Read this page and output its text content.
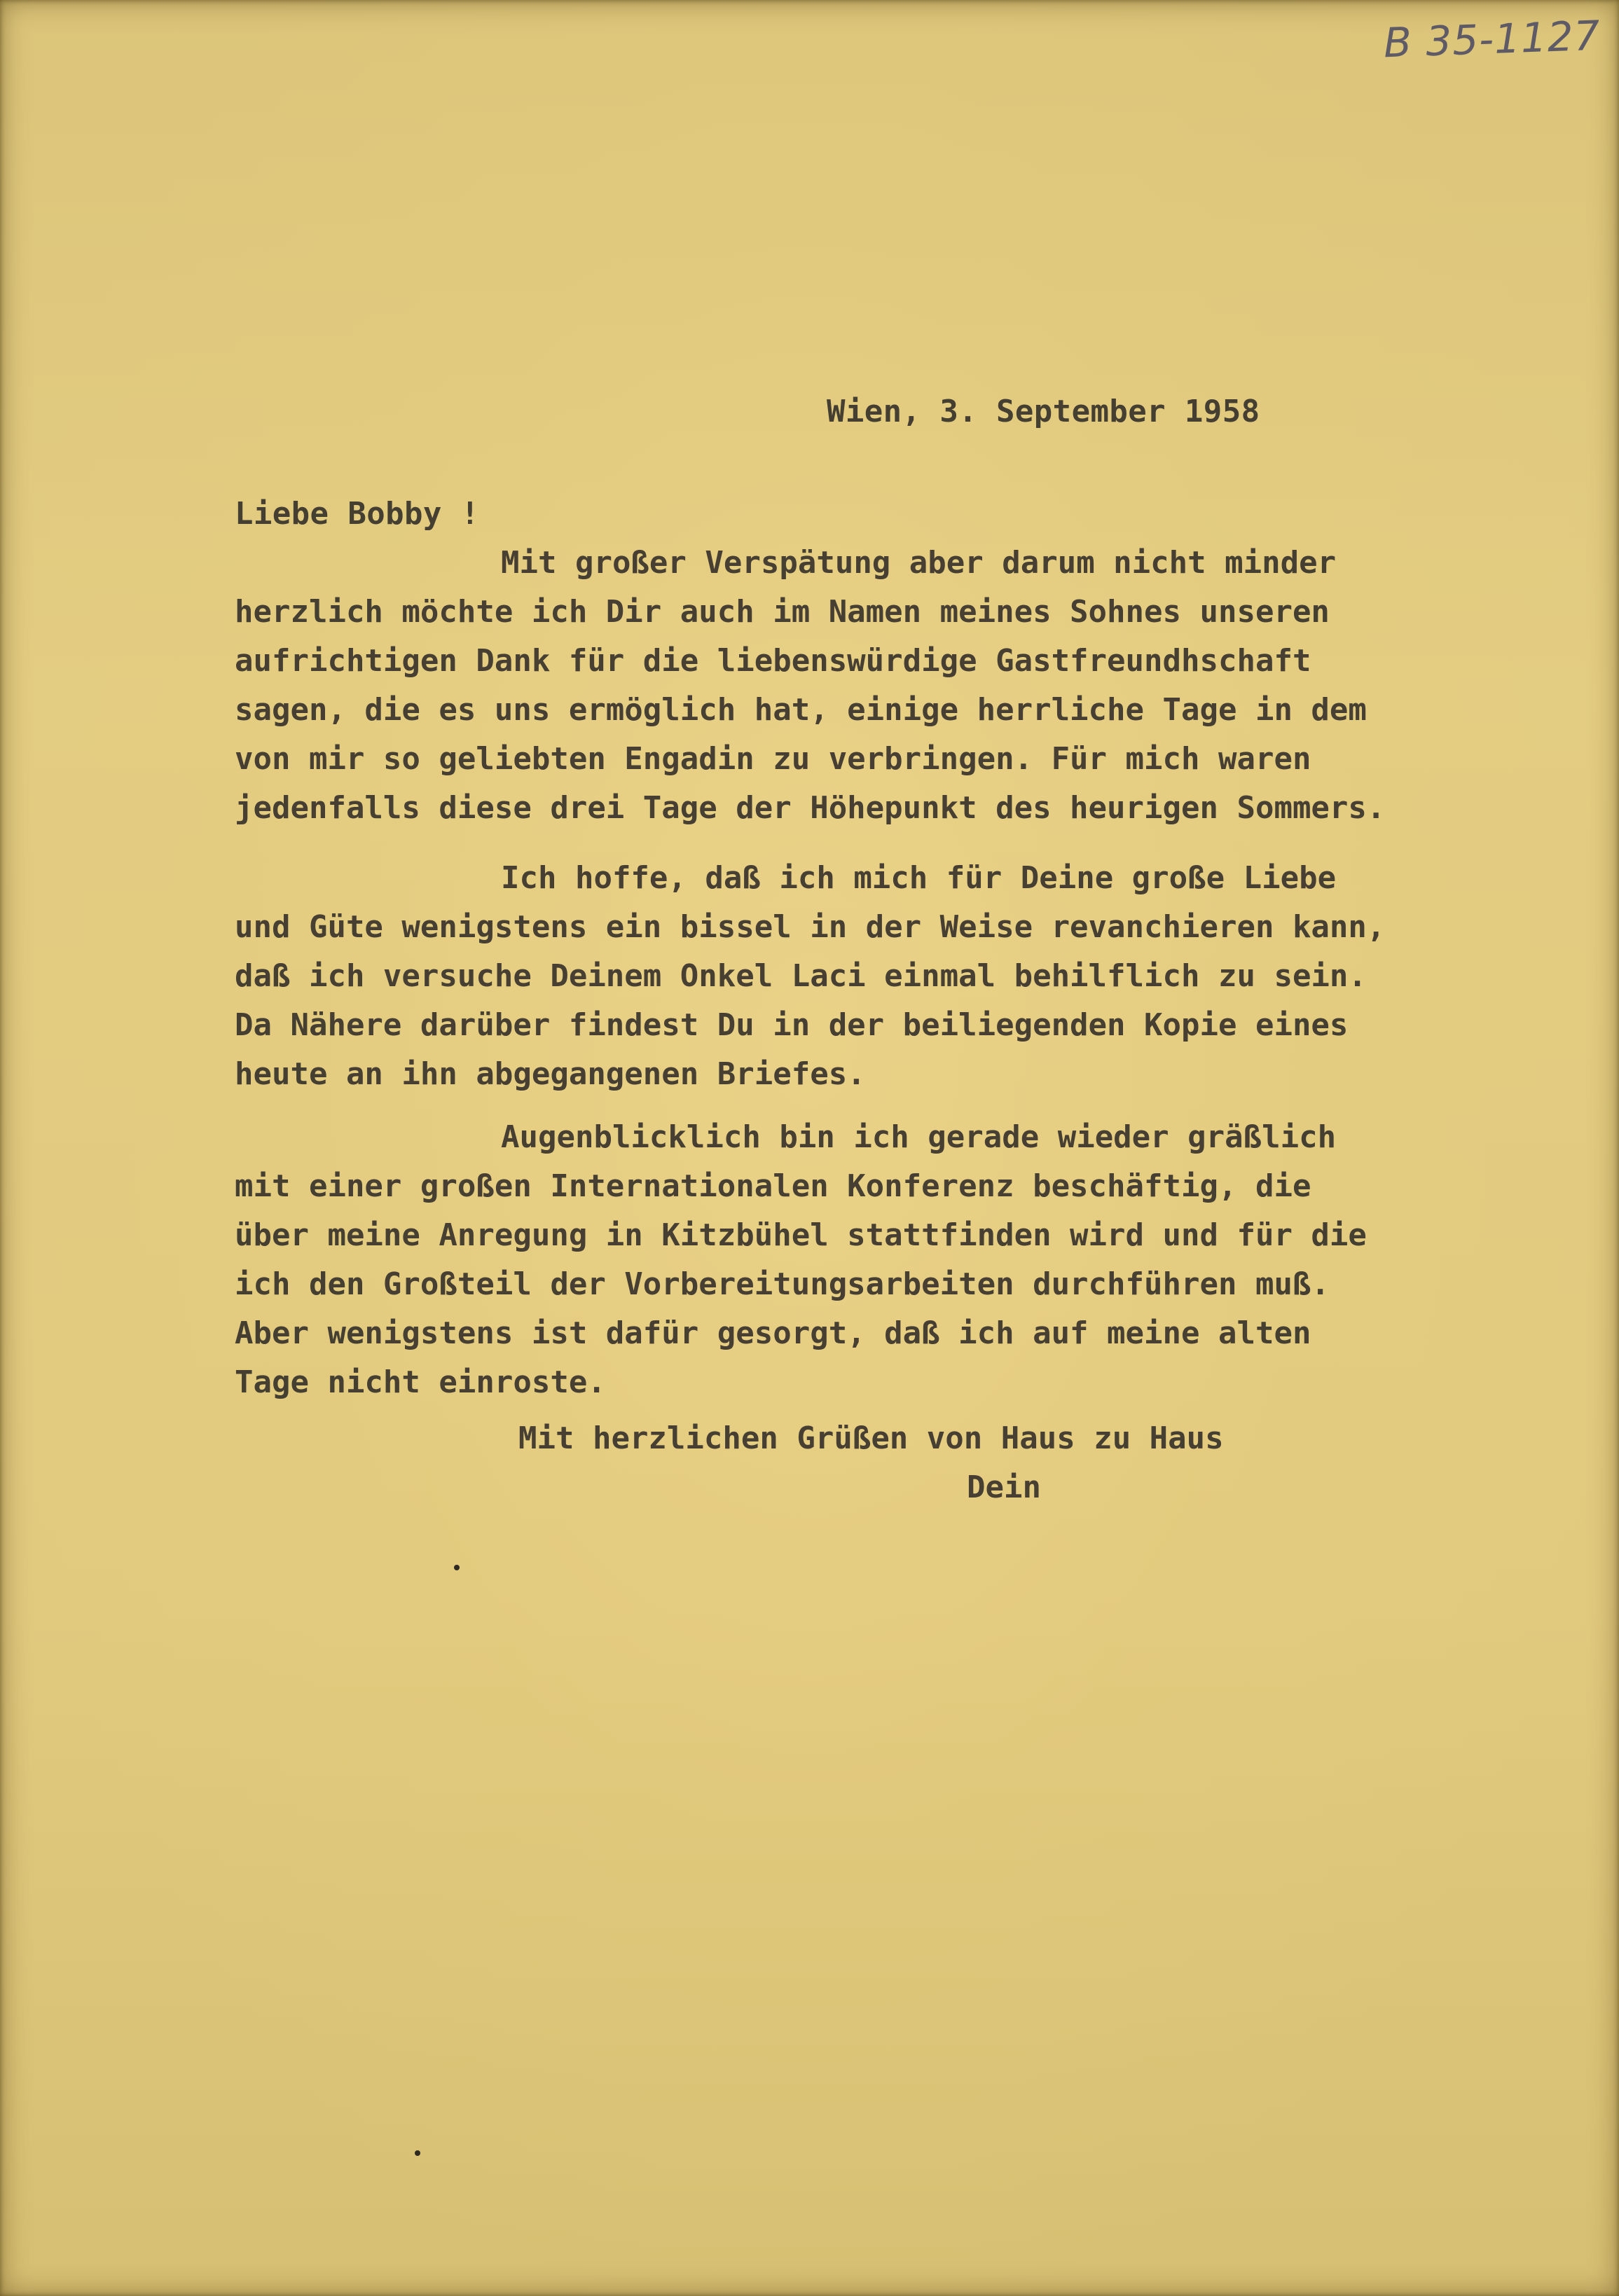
B 35-1127
Wien, 3. September 1958
Liebe Bobby !
Mit großer Verspätung aber darum nicht minder
herzlich möchte ich Dir auch im Namen meines Sohnes unseren
aufrichtigen Dank für die liebenswürdige Gastfreundhschaft
sagen, die es uns ermöglich hat, einige herrliche Tage in dem
von mir so geliebten Engadin zu verbringen. Für mich waren
jedenfalls diese drei Tage der Höhepunkt des heurigen Sommers.
Ich hoffe, daß ich mich für Deine große Liebe
und Güte wenigstens ein bissel in der Weise revanchieren kann,
daß ich versuche Deinem Onkel Laci einmal behilflich zu sein.
Da Nähere darüber findest Du in der beiliegenden Kopie eines
heute an ihn abgegangenen Briefes.
Augenblicklich bin ich gerade wieder gräßlich
mit einer großen Internationalen Konferenz beschäftig, die
über meine Anregung in Kitzbühel stattfinden wird und für die
ich den Großteil der Vorbereitungsarbeiten durchführen muß.
Aber wenigstens ist dafür gesorgt, daß ich auf meine alten
Tage nicht einroste.
Mit herzlichen Grüßen von Haus zu Haus
Dein
